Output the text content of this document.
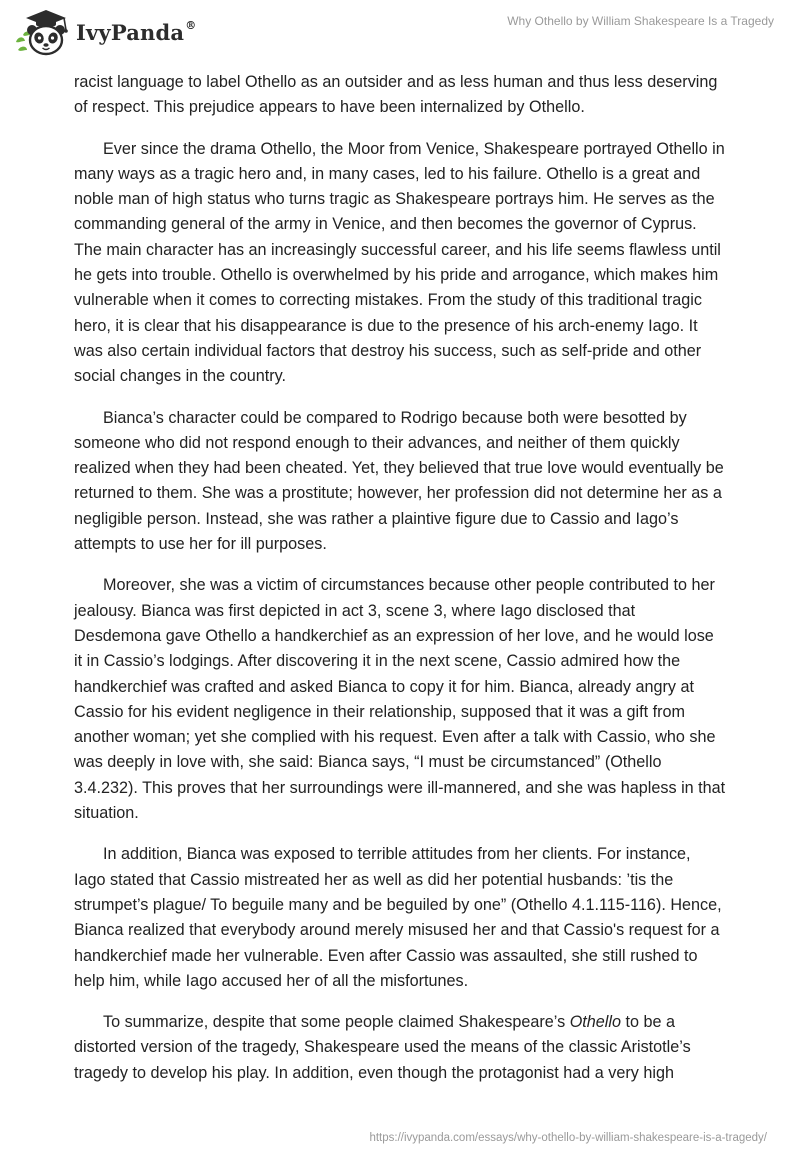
IvyPanda®	Why Othello by William Shakespeare Is a Tragedy

racist language to label Othello as an outsider and as less human and thus less deserving of respect. This prejudice appears to have been internalized by Othello.

Ever since the drama Othello, the Moor from Venice, Shakespeare portrayed Othello in many ways as a tragic hero and, in many cases, led to his failure. Othello is a great and noble man of high status who turns tragic as Shakespeare portrays him. He serves as the commanding general of the army in Venice, and then becomes the governor of Cyprus. The main character has an increasingly successful career, and his life seems flawless until he gets into trouble. Othello is overwhelmed by his pride and arrogance, which makes him vulnerable when it comes to correcting mistakes. From the study of this traditional tragic hero, it is clear that his disappearance is due to the presence of his arch-enemy Iago. It was also certain individual factors that destroy his success, such as self-pride and other social changes in the country.

Bianca’s character could be compared to Rodrigo because both were besotted by someone who did not respond enough to their advances, and neither of them quickly realized when they had been cheated. Yet, they believed that true love would eventually be returned to them. She was a prostitute; however, her profession did not determine her as a negligible person. Instead, she was rather a plaintive figure due to Cassio and Iago’s attempts to use her for ill purposes.

Moreover, she was a victim of circumstances because other people contributed to her jealousy. Bianca was first depicted in act 3, scene 3, where Iago disclosed that Desdemona gave Othello a handkerchief as an expression of her love, and he would lose it in Cassio’s lodgings. After discovering it in the next scene, Cassio admired how the handkerchief was crafted and asked Bianca to copy it for him. Bianca, already angry at Cassio for his evident negligence in their relationship, supposed that it was a gift from another woman; yet she complied with his request. Even after a talk with Cassio, who she was deeply in love with, she said: Bianca says, “I must be circumstanced” (Othello 3.4.232). This proves that her surroundings were ill-mannered, and she was hapless in that situation.

In addition, Bianca was exposed to terrible attitudes from her clients. For instance, Iago stated that Cassio mistreated her as well as did her potential husbands: ’tis the strumpet’s plague/ To beguile many and be beguiled by one” (Othello 4.1.115-116). Hence, Bianca realized that everybody around merely misused her and that Cassio's request for a handkerchief made her vulnerable. Even after Cassio was assaulted, she still rushed to help him, while Iago accused her of all the misfortunes.

To summarize, despite that some people claimed Shakespeare’s Othello to be a distorted version of the tragedy, Shakespeare used the means of the classic Aristotle’s tragedy to develop his play. In addition, even though the protagonist had a very high

https://ivypanda.com/essays/why-othello-by-william-shakespeare-is-a-tragedy/
